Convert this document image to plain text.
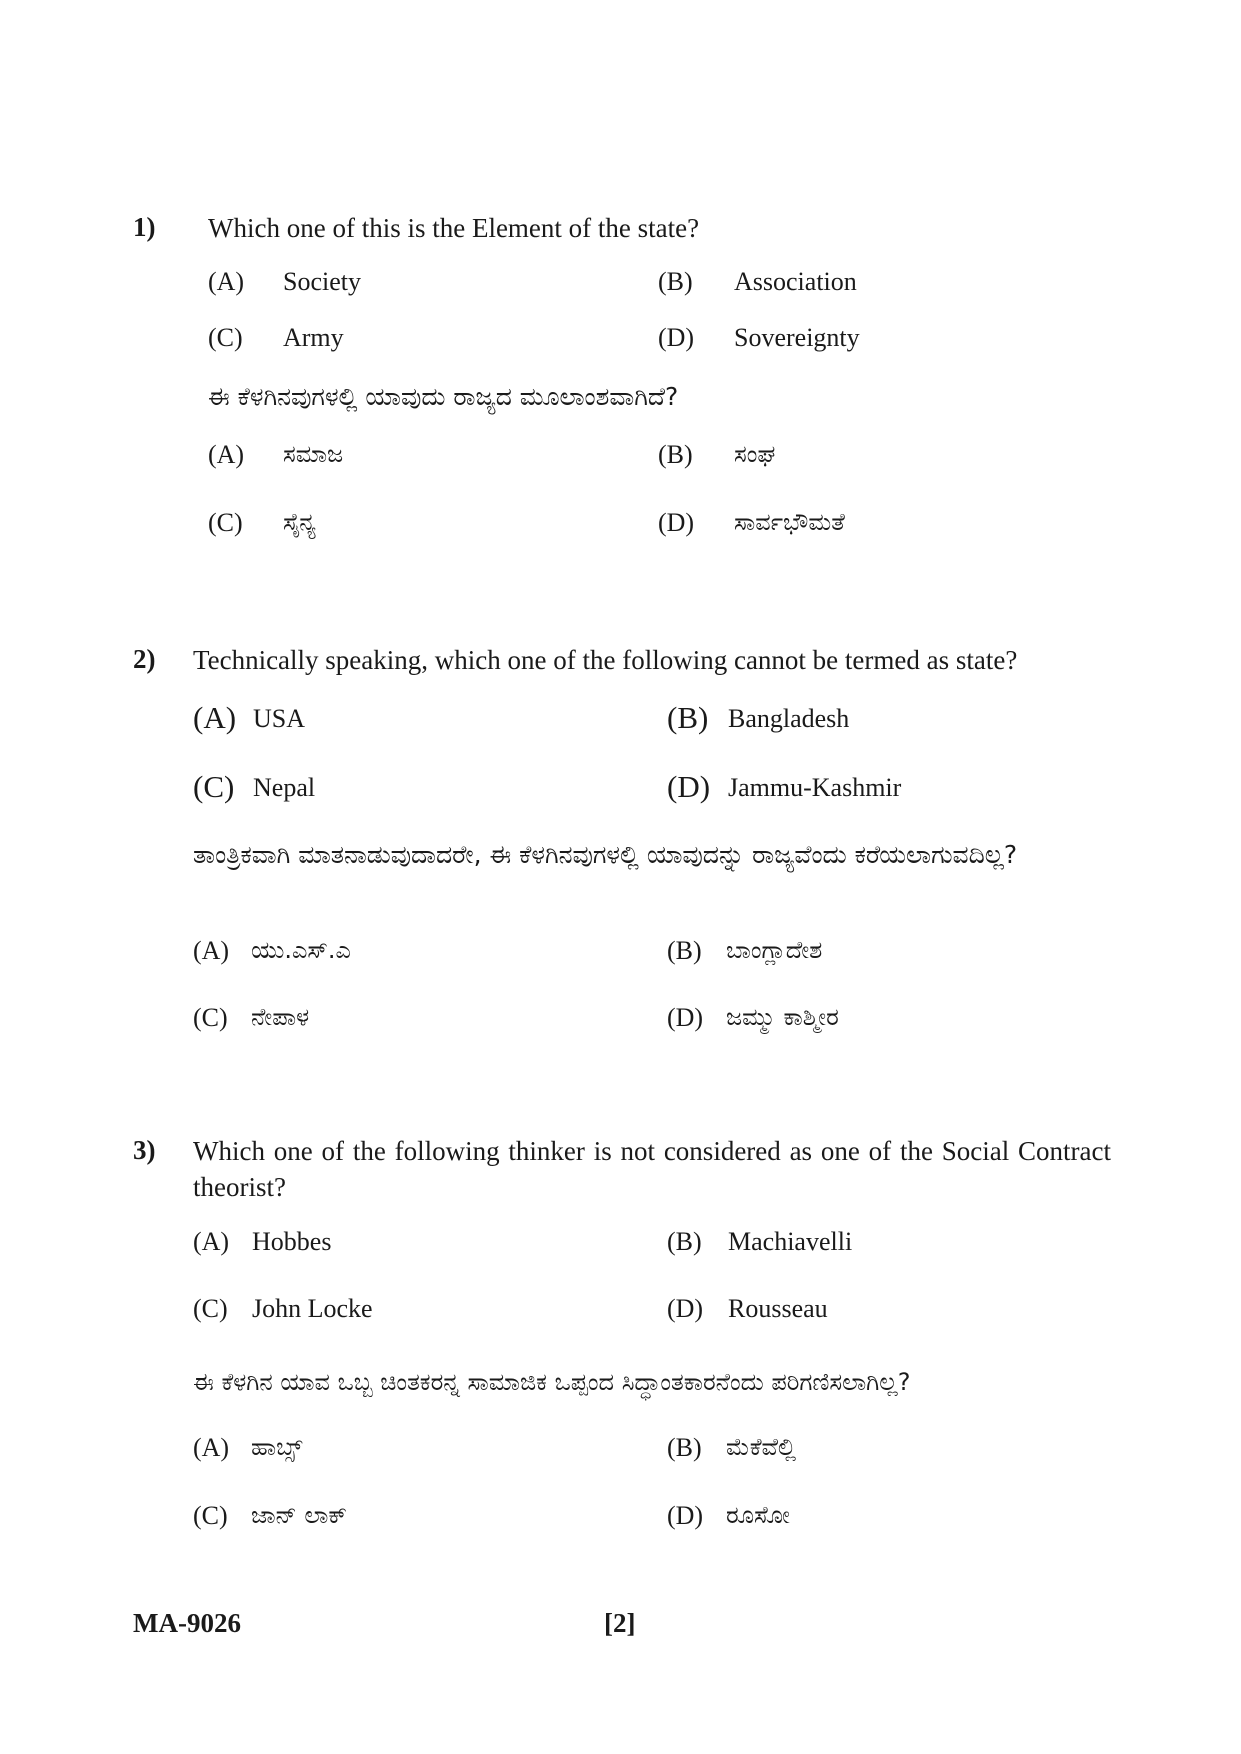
1) Which one of this is the Element of the state?
(A) Society	(B) Association
(C) Army	(D) Sovereignty
ಈ ಕೆಳಗಿನವುಗಳಲ್ಲಿ ಯಾವುದು ರಾಜ್ಯದ ಮೂಲಾಂಶವಾಗಿದೆ?
(A) ಸಮಾಜ	(B) ಸಂಘ
(C) ಸೈನ್ಯ	(D) ಸಾರ್ವಭೌಮತೆ
2) Technically speaking, which one of the following cannot be termed as state?
(A) USA	(B) Bangladesh
(C) Nepal	(D) Jammu-Kashmir
ತಾಂತ್ರಿಕವಾಗಿ ಮಾತನಾಡುವುದಾದರೇ, ಈ ಕೆಳಗಿನವುಗಳಲ್ಲಿ ಯಾವುದನ್ನು ರಾಜ್ಯವೆಂದು ಕರೆಯಲಾಗುವದಿಲ್ಲ?
(A) ಯು.ಎಸ್.ಎ	(B) ಬಾಂಗ್ಲಾದೇಶ
(C) ನೇಪಾಳ	(D) ಜಮ್ಮು ಕಾಶ್ಮೀರ
3) Which one of the following thinker is not considered as one of the Social Contract theorist?
(A) Hobbes	(B) Machiavelli
(C) John Locke	(D) Rousseau
ಈ ಕೆಳಗಿನ ಯಾವ ಒಬ್ಬ ಚಿಂತಕರನ್ನ ಸಾಮಾಜಿಕ ಒಪ್ಪಂದ ಸಿದ್ಧಾಂತಕಾರನೆಂದು ಪರಿಗಣಿಸಲಾಗಿಲ್ಲ?
(A) ಹಾಬ್ಸ್	(B) ಮೆಕೆವೆಲ್ಲಿ
(C) ಜಾನ್ ಲಾಕ್	(D) ರೂಸೋ
MA-9026	[2]
